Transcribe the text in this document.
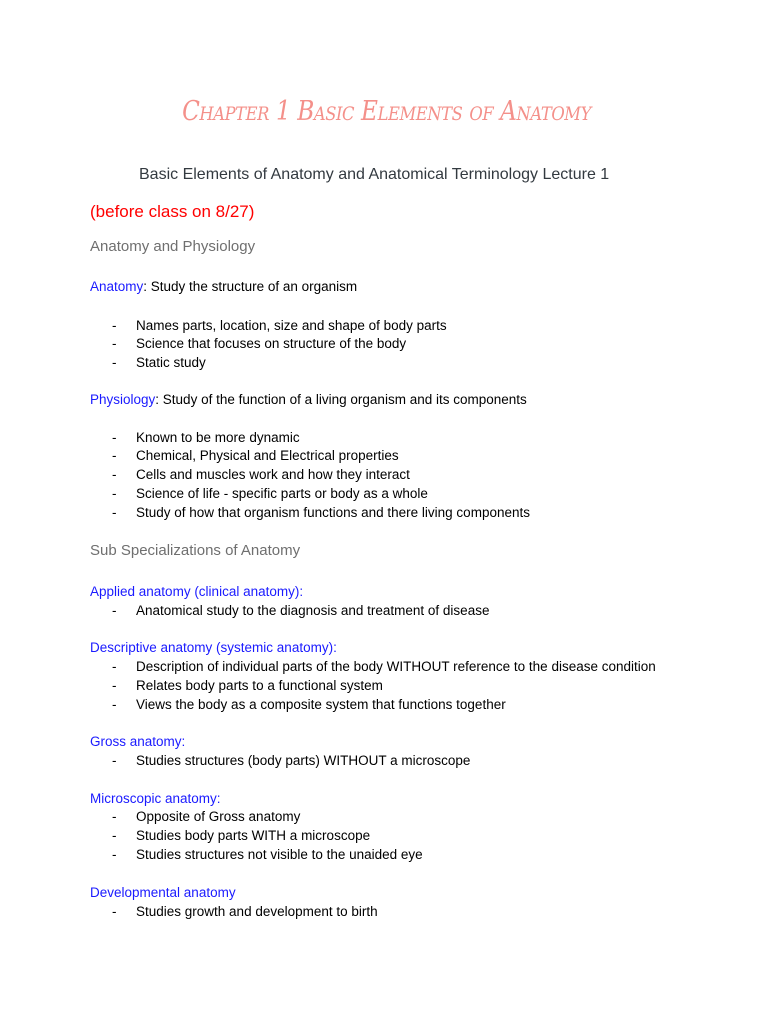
Chapter 1 Basic Elements of Anatomy
Basic Elements of Anatomy and Anatomical Terminology Lecture 1
(before class on 8/27)
Anatomy and Physiology
Anatomy: Study the structure of an organism
- Names parts, location, size and shape of body parts
- Science that focuses on structure of the body
- Static study
Physiology: Study of the function of a living organism and its components
- Known to be more dynamic
- Chemical, Physical and Electrical properties
- Cells and muscles work and how they interact
- Science of life - specific parts or body as a whole
- Study of how that organism functions and there living components
Sub Specializations of Anatomy
Applied anatomy (clinical anatomy):
- Anatomical study to the diagnosis and treatment of disease
Descriptive anatomy (systemic anatomy):
- Description of individual parts of the body WITHOUT reference to the disease condition
- Relates body parts to a functional system
- Views the body as a composite system that functions together
Gross anatomy:
- Studies structures (body parts) WITHOUT a microscope
Microscopic anatomy:
- Opposite of Gross anatomy
- Studies body parts WITH a microscope
- Studies structures not visible to the unaided eye
Developmental anatomy
- Studies growth and development to birth
